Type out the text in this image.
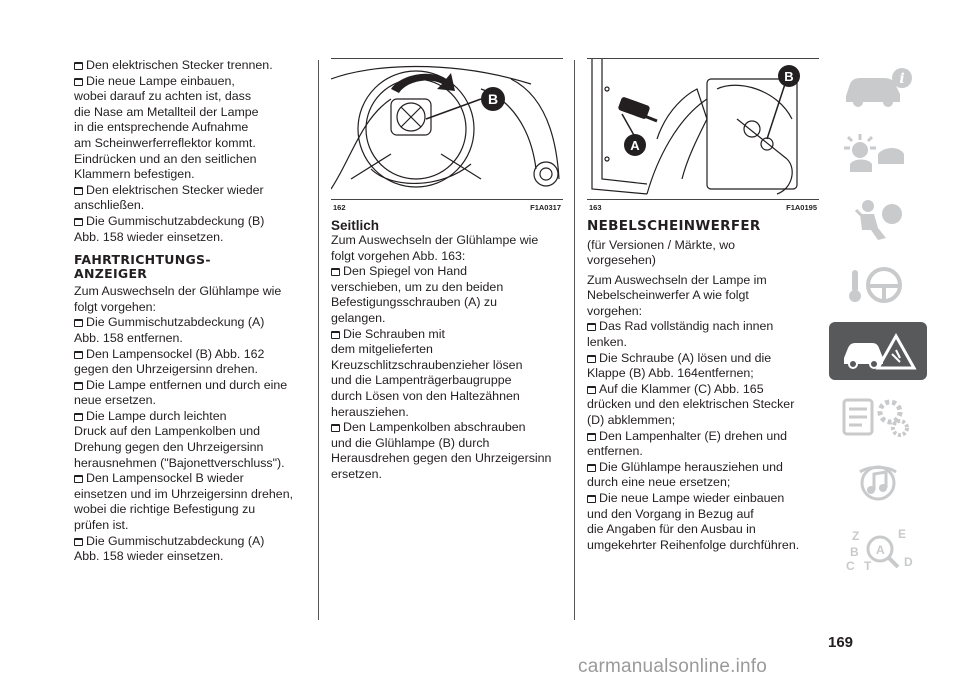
Den elektrischen Stecker trennen.

Die neue Lampe einbauen,

wobei darauf zu achten ist, dass

die Nase am Metallteil der Lampe

in die entsprechende Aufnahme

am Scheinwerferreflektor kommt.

Eindrücken und an den seitlichen

Klammern befestigen.

Den elektrischen Stecker wieder

anschließen.

Die Gummischutzabdeckung (B)

Abb. 158 wieder einsetzen.

FAHRTRICHTUNGS-
ANZEIGER

Zum Auswechseln der Glühlampe wie

folgt vorgehen:

Die Gummischutzabdeckung (A)

Abb. 158 entfernen.

Den Lampensockel (B) Abb. 162

gegen den Uhrzeigersinn drehen.

Die Lampe entfernen und durch eine

neue ersetzen.

Die Lampe durch leichten

Druck auf den Lampenkolben und

Drehung gegen den Uhrzeigersinn

herausnehmen ("Bajonettverschluss").

Den Lampensockel B wieder

einsetzen und im Uhrzeigersinn drehen,

wobei die richtige Befestigung zu

prüfen ist.

Die Gummischutzabdeckung (A)

Abb. 158 wieder einsetzen.

B
162	F1A0317
Seitlich

Zum Auswechseln der Glühlampe wie

folgt vorgehen Abb. 163:

Den Spiegel von Hand

verschieben, um zu den beiden

Befestigungsschrauben (A) zu

gelangen.

Die Schrauben mit

dem mitgelieferten

Kreuzschlitzschraubenzieher lösen

und die Lampenträgerbaugruppe

durch Lösen von den Haltezähnen

herausziehen.

Den Lampenkolben abschrauben

und die Glühlampe (B) durch

Herausdrehen gegen den Uhrzeigersinn

ersetzen.

A
B
163	F1A0195
NEBELSCHEINWERFER

(für Versionen / Märkte, wo

vorgesehen)

Zum Auswechseln der Lampe im

Nebelscheinwerfer A wie folgt

vorgehen:

Das Rad vollständig nach innen

lenken.

Die Schraube (A) lösen und die

Klappe (B) Abb. 164entfernen;

Auf die Klammer (C) Abb. 165

drücken und den elektrischen Stecker

(D) abklemmen;

Den Lampenhalter (E) drehen und

entfernen.

Die Glühlampe herausziehen und

durch eine neue ersetzen;

Die neue Lampe wieder einbauen

und den Vorgang in Bezug auf

die Angaben für den Ausbau in

umgekehrter Reihenfolge durchführen.

i
Z	E
A
B
C T	D
169
carmanualsonline.info
